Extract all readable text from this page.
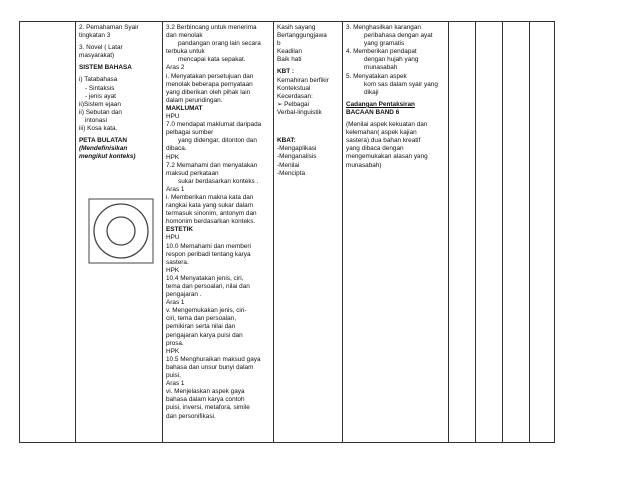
2. Pemahaman Syair
tingkatan 3
3. Novel ( Latar
masyarakat)
SISTEM BAHASA
i) Tatabahasa
- Sintaksis
- jenis ayat
ii)Sistem ejaan
ii) Sebutan dan
intonasi
iii) Kosa kata.
PETA BULATAN
(Mendefinisikan
mengikut konteks)

3.2 Berbincang untuk menerima
dan menolak
pandangan orang lain secara
terbuka untuk
mencapai kata sepakat.
Aras 2
i. Menyatakan persetujuan dan
menolak beberapa pernyataan
yang diberikan oleh pihak lain
dalam perundingan.
MAKLUMAT
HPU
7.0 mendapat maklumat daripada
pelbagai sumber
yang didengar, ditonton dan
dibaca.
HPK
7.2 Memahami dan menyatakan
maksud perkataan
sukar berdasarkan konteks .
Aras 1
i. Memberikan makna kata dan
rangkai kata yang sukar dalam
termasuk sinonim, antonym dan
homonim berdasarkan konteks.
ESTETIK
HPU
10.0 Memahami dan memberi
respon peribadi tentang karya
sastera.
HPK
10.4 Menyatakan jenis, ciri,
tema dan persoalan, nilai dan
pengajaran .
Aras 1
v. Mengemukakan jenis, ciri-
ciri, tema dan persoalan,
pemikiran serta nilai dan
pengajaran karya puisi dan
prosa.
HPK
10.5 Menghuraikan maksud gaya
bahasa dan unsur bunyi dalam
puisi.
Aras 1
vi. Menjelaskan aspek gaya
bahasa dalam karya contoh
puisi, inversi, metafora, simile
dan personifikasi.

Kasih sayang
Bertanggungjawa
b
Keadilan
Baik hati
KBT :
Kemahiran berfikir
Kontekstual
Kecerdasan:
➢ Pelbagai
Verbal-linguistik
KBAT:
-Mengaplikasi
-Menganalisis
-Menilai
-Mencipta

3. Menghasilkan karangan
peribahasa dengan ayat
yang gramatis
4. Memberikan pendapat
dengan hujah yang
munasabah
5. Menyatakan aspek
kom sas dalam syair yang
dikaji
Cadangan Pentaksiran
BACAAN BAND 6
(Menilai aspek kekuatan dan
kelemahan( aspek kajian
sastera) dua bahan kreatif
yang dibaca dengan
mengemukakan alasan yang
munasabah)
